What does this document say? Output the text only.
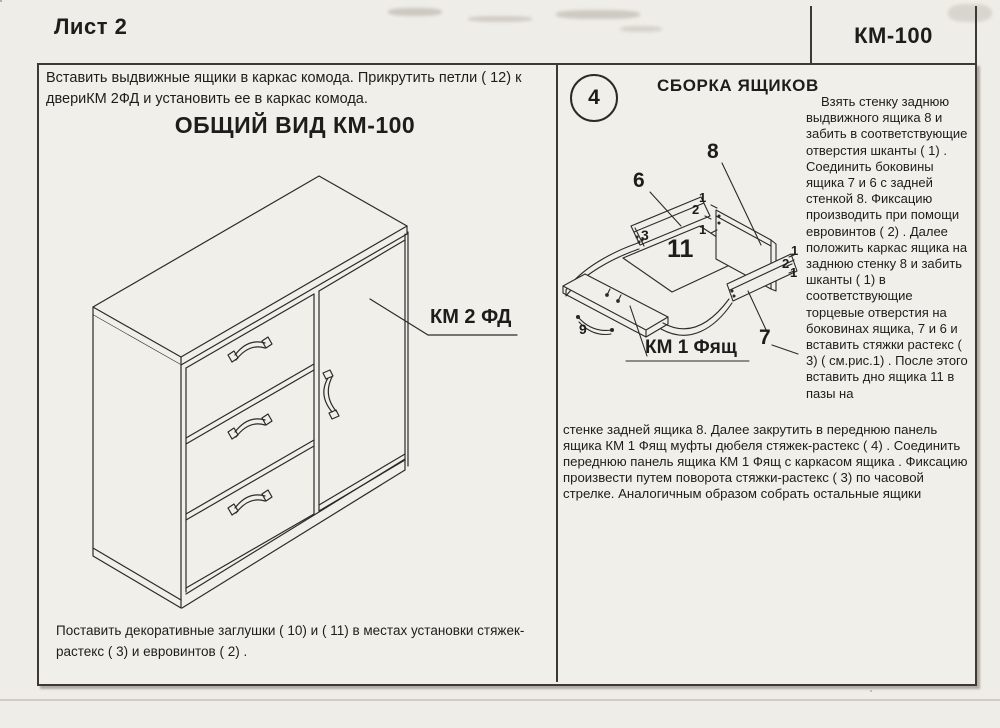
КМ-100
Лист 2
Вставить выдвижные ящики в каркас комода. Прикрутить петли ( 12) к двериКМ 2ФД и установить ее в каркас комода.
ОБЩИЙ ВИД КМ-100
КМ 2 ФД
Поставить декоративные заглушки ( 10) и ( 11) в местах установки стяжек-растекс ( 3) и евровинтов ( 2) .
4
СБОРКА ЯЩИКОВ
Взять стенку заднюю выдвижного ящика 8 и забить в соответствующие отверстия шканты ( 1) . Соединить боковины ящика 7 и 6 с задней стенкой 8. Фиксацию производить при помощи евровинтов ( 2) . Далее положить каркас ящика на заднюю стенку 8 и забить шканты ( 1) в соответствующие торцевые отверстия на боковинах ящика, 7 и 6 и вставить стяжки растекс ( 3) ( см.рис.1) . После этого вставить дно ящика 11 в пазы на
стенке задней ящика 8. Далее закрутить в переднюю панель ящика КМ 1 Фящ муфты дюбеля стяжек-растекс ( 4) . Соединить переднюю панель ящика КМ 1 Фящ с каркасом ящика . Фиксацию произвести путем поворота стяжки-растекс ( 3) по часовой стрелке. Аналогичным образом собрать остальные ящики
6
8
7
11
3
9
1
2
1
1
2
1
КМ 1 Фящ
